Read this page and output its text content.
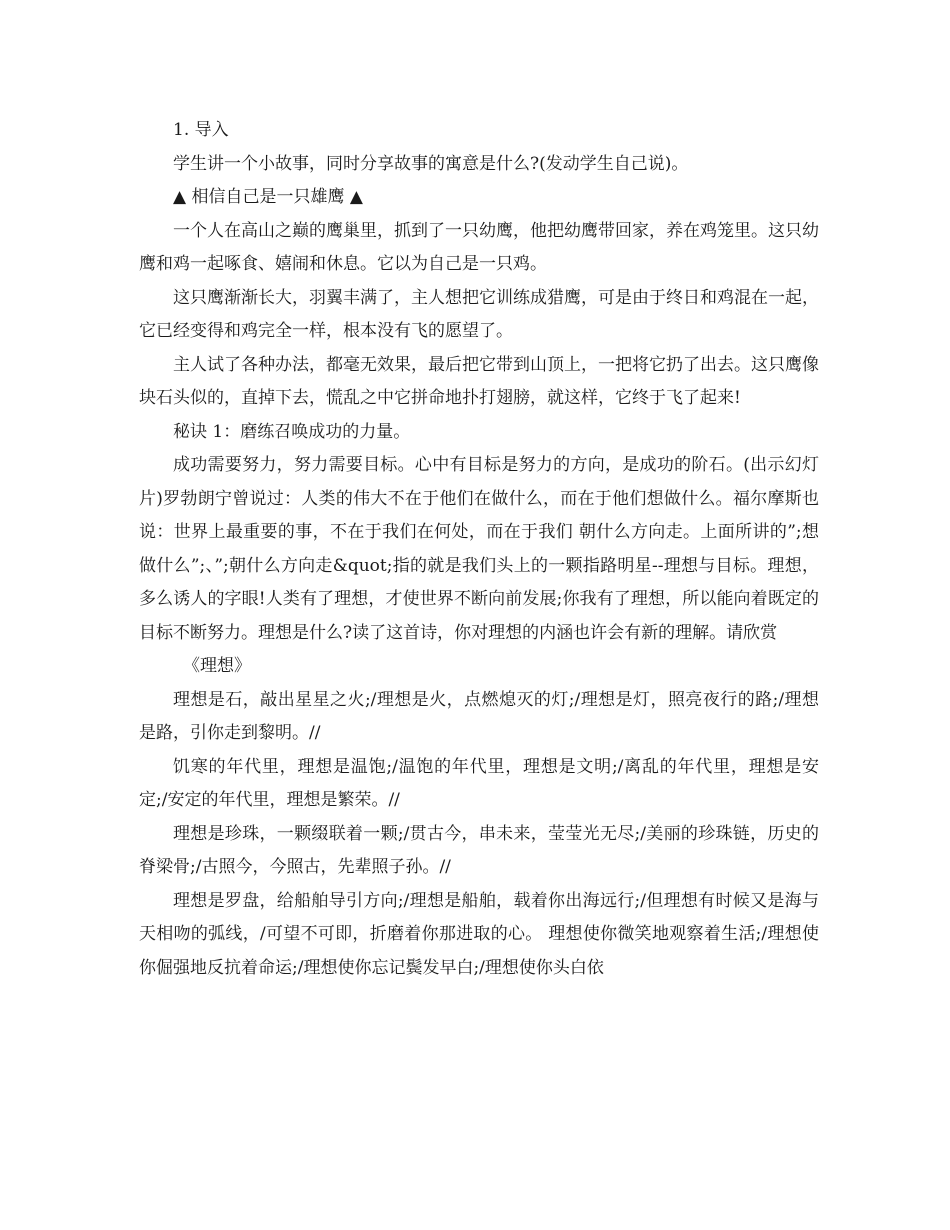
1. 导入

学生讲一个小故事，同时分享故事的寓意是什么?(发动学生自己说)。

▲ 相信自己是一只雄鹰 ▲

一个人在高山之巅的鹰巢里，抓到了一只幼鹰，他把幼鹰带回家，养在鸡笼里。这只幼鹰和鸡一起啄食、嬉闹和休息。它以为自己是一只鸡。

这只鹰渐渐长大，羽翼丰满了，主人想把它训练成猎鹰，可是由于终日和鸡混在一起，它已经变得和鸡完全一样，根本没有飞的愿望了。

主人试了各种办法，都毫无效果，最后把它带到山顶上，一把将它扔了出去。这只鹰像块石头似的，直掉下去，慌乱之中它拼命地扑打翅膀，就这样，它终于飞了起来!

秘诀 1：磨练召唤成功的力量。

成功需要努力，努力需要目标。心中有目标是努力的方向，是成功的阶石。(出示幻灯片)罗勃朗宁曾说过：人类的伟大不在于他们在做什么，而在于他们想做什么。福尔摩斯也说：世界上最重要的事，不在于我们在何处，而在于我们 朝什么方向走。上面所讲的”;想做什么”;、”;朝什么方向走&quot;指的就是我们头上的一颗指路明星--理想与目标。理想，多么诱人的字眼!人类有了理想，才使世界不断向前发展;你我有了理想，所以能向着既定的目标不断努力。理想是什么?读了这首诗，你对理想的内涵也许会有新的理解。请欣赏

《理想》

理想是石，敲出星星之火;/理想是火，点燃熄灭的灯;/理想是灯，照亮夜行的路;/理想是路，引你走到黎明。//

饥寒的年代里，理想是温饱;/温饱的年代里，理想是文明;/离乱的年代里，理想是安定;/安定的年代里，理想是繁荣。//

理想是珍珠，一颗缀联着一颗;/贯古今，串未来，莹莹光无尽;/美丽的珍珠链，历史的脊梁骨;/古照今，今照古，先辈照子孙。//

理想是罗盘，给船舶导引方向;/理想是船舶，载着你出海远行;/但理想有时候又是海与天相吻的弧线，/可望不可即，折磨着你那进取的心。 理想使你微笑地观察着生活;/理想使你倔强地反抗着命运;/理想使你忘记鬓发早白;/理想使你头白依
